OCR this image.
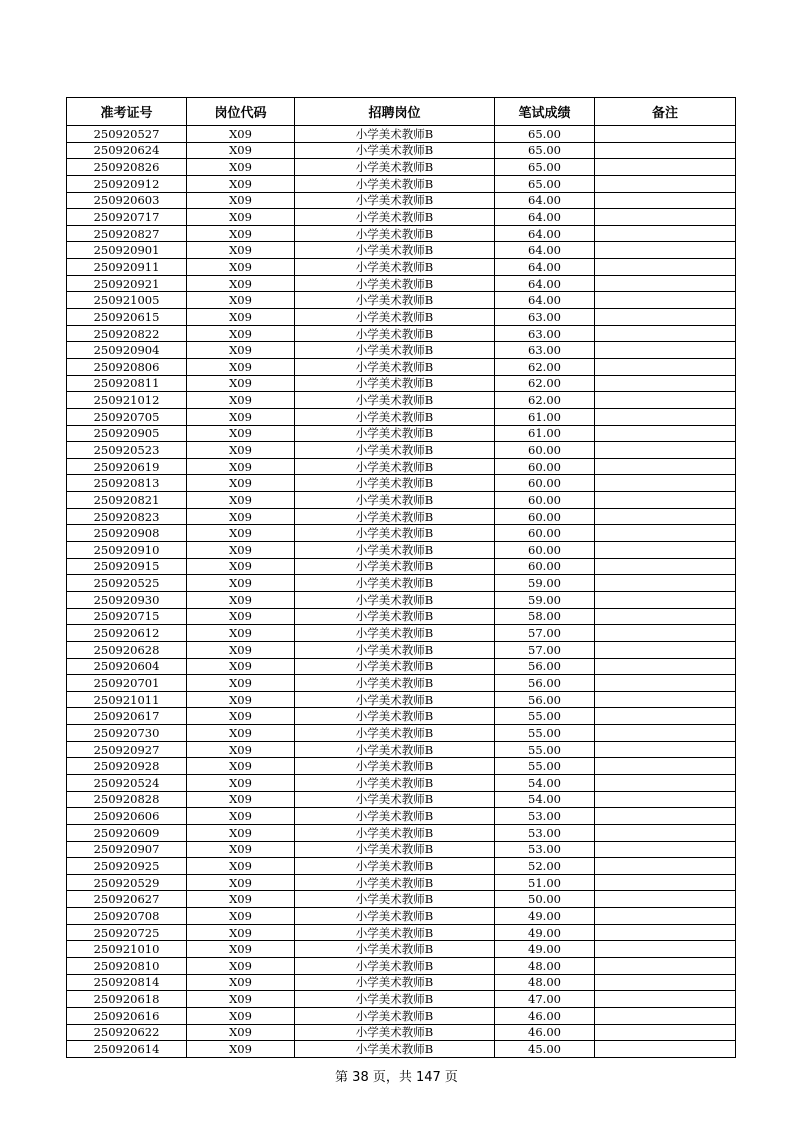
准考证号	岗位代码	招聘岗位	笔试成绩	备注
250920527	X09	小学美术教师B	65.00	
250920624	X09	小学美术教师B	65.00	
250920826	X09	小学美术教师B	65.00	
250920912	X09	小学美术教师B	65.00	
250920603	X09	小学美术教师B	64.00	
250920717	X09	小学美术教师B	64.00	
250920827	X09	小学美术教师B	64.00	
250920901	X09	小学美术教师B	64.00	
250920911	X09	小学美术教师B	64.00	
250920921	X09	小学美术教师B	64.00	
250921005	X09	小学美术教师B	64.00	
250920615	X09	小学美术教师B	63.00	
250920822	X09	小学美术教师B	63.00	
250920904	X09	小学美术教师B	63.00	
250920806	X09	小学美术教师B	62.00	
250920811	X09	小学美术教师B	62.00	
250921012	X09	小学美术教师B	62.00	
250920705	X09	小学美术教师B	61.00	
250920905	X09	小学美术教师B	61.00	
250920523	X09	小学美术教师B	60.00	
250920619	X09	小学美术教师B	60.00	
250920813	X09	小学美术教师B	60.00	
250920821	X09	小学美术教师B	60.00	
250920823	X09	小学美术教师B	60.00	
250920908	X09	小学美术教师B	60.00	
250920910	X09	小学美术教师B	60.00	
250920915	X09	小学美术教师B	60.00	
250920525	X09	小学美术教师B	59.00	
250920930	X09	小学美术教师B	59.00	
250920715	X09	小学美术教师B	58.00	
250920612	X09	小学美术教师B	57.00	
250920628	X09	小学美术教师B	57.00	
250920604	X09	小学美术教师B	56.00	
250920701	X09	小学美术教师B	56.00	
250921011	X09	小学美术教师B	56.00	
250920617	X09	小学美术教师B	55.00	
250920730	X09	小学美术教师B	55.00	
250920927	X09	小学美术教师B	55.00	
250920928	X09	小学美术教师B	55.00	
250920524	X09	小学美术教师B	54.00	
250920828	X09	小学美术教师B	54.00	
250920606	X09	小学美术教师B	53.00	
250920609	X09	小学美术教师B	53.00	
250920907	X09	小学美术教师B	53.00	
250920925	X09	小学美术教师B	52.00	
250920529	X09	小学美术教师B	51.00	
250920627	X09	小学美术教师B	50.00	
250920708	X09	小学美术教师B	49.00	
250920725	X09	小学美术教师B	49.00	
250921010	X09	小学美术教师B	49.00	
250920810	X09	小学美术教师B	48.00	
250920814	X09	小学美术教师B	48.00	
250920618	X09	小学美术教师B	47.00	
250920616	X09	小学美术教师B	46.00	
250920622	X09	小学美术教师B	46.00	
250920614	X09	小学美术教师B	45.00	
第 38 页，共 147 页
